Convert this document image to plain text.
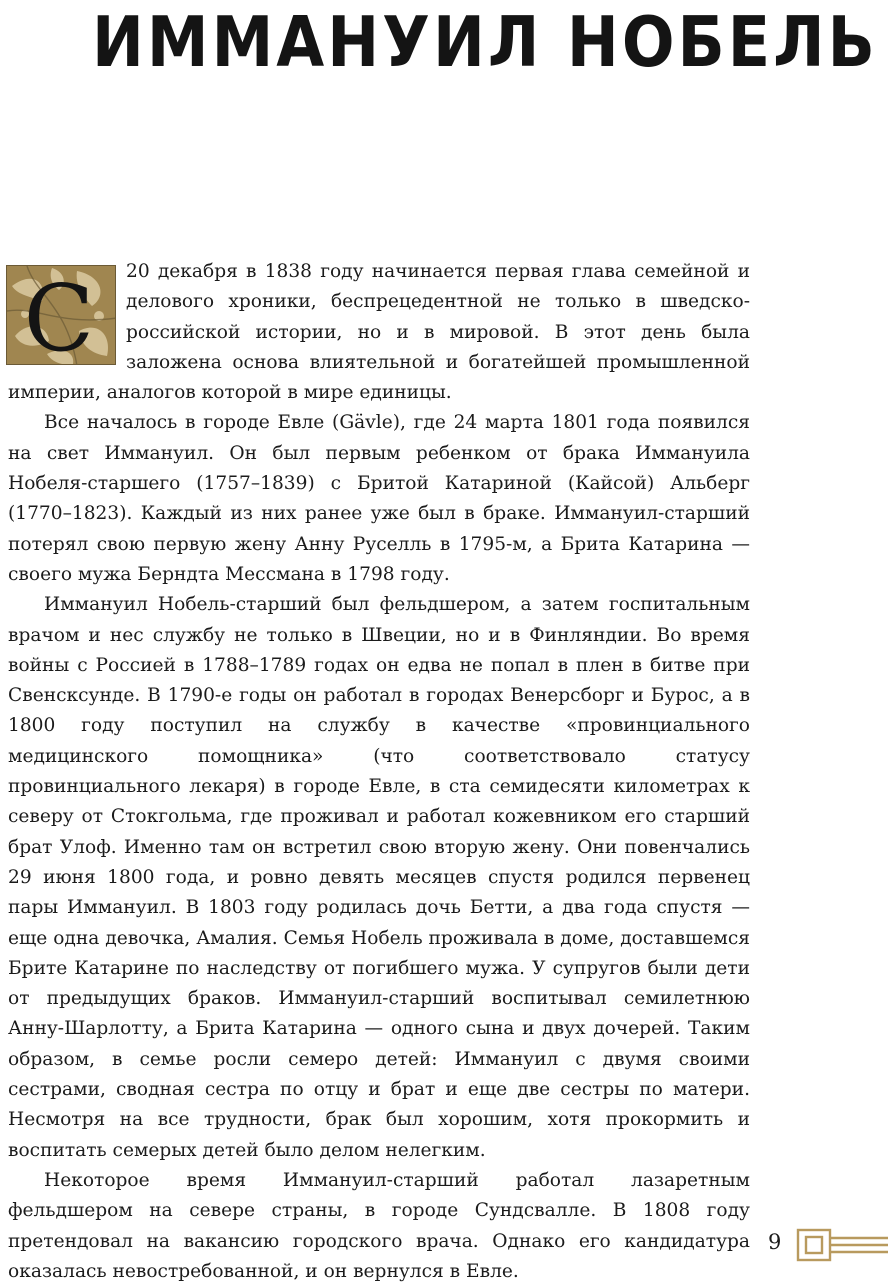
ИММАНУИЛ НОБЕЛЬ
С	20 декабря в 1838 году начинается первая глава семейной и делового хроники, беспрецедентной не только в шведско-российской истории, но и в мировой. В этот день была заложена основа влиятельной и богатейшей промышленной империи, аналогов которой в мире единицы.

Все началось в городе Евле (Gävle), где 24 марта 1801 года появился на свет Иммануил. Он был первым ребенком от брака Иммануила Нобеля-старшего (1757–1839) с Бритой Катариной (Кайсой) Альберг (1770–1823). Каждый из них ранее уже был в браке. Иммануил-старший потерял свою первую жену Анну Руселль в 1795-м, а Брита Катарина — своего мужа Берндта Мессмана в 1798 году.

Иммануил Нобель-старший был фельдшером, а затем госпитальным врачом и нес службу не только в Швеции, но и в Финляндии. Во время войны с Россией в 1788–1789 годах он едва не попал в плен в битве при Свенсксунде. В 1790-е годы он работал в городах Венерсборг и Бурос, а в 1800 году поступил на службу в качестве «провинциального медицинского помощника» (что соответствовало статусу провинциального лекаря) в городе Евле, в ста семидесяти километрах к северу от Стокгольма, где проживал и работал кожевником его старший брат Улоф. Именно там он встретил свою вторую жену. Они повенчались 29 июня 1800 года, и ровно девять месяцев спустя родился первенец пары Иммануил. В 1803 году родилась дочь Бетти, а два года спустя — еще одна девочка, Амалия. Семья Нобель проживала в доме, доставшемся Брите Катарине по наследству от погибшего мужа. У супругов были дети от предыдущих браков. Иммануил-старший воспитывал семилетнюю Анну-Шарлотту, а Брита Катарина — одного сына и двух дочерей. Таким образом, в семье росли семеро детей: Иммануил с двумя своими сестрами, сводная сестра по отцу и брат и еще две сестры по матери. Несмотря на все трудности, брак был хорошим, хотя прокормить и воспитать семерых детей было делом нелегким.

Некоторое время Иммануил-старший работал лазаретным фельдшером на севере страны, в городе Сундсвалле. В 1808 году претендовал на вакансию городского врача. Однако его кандидатура оказалась невостребованной, и он вернулся в Евле.

9
